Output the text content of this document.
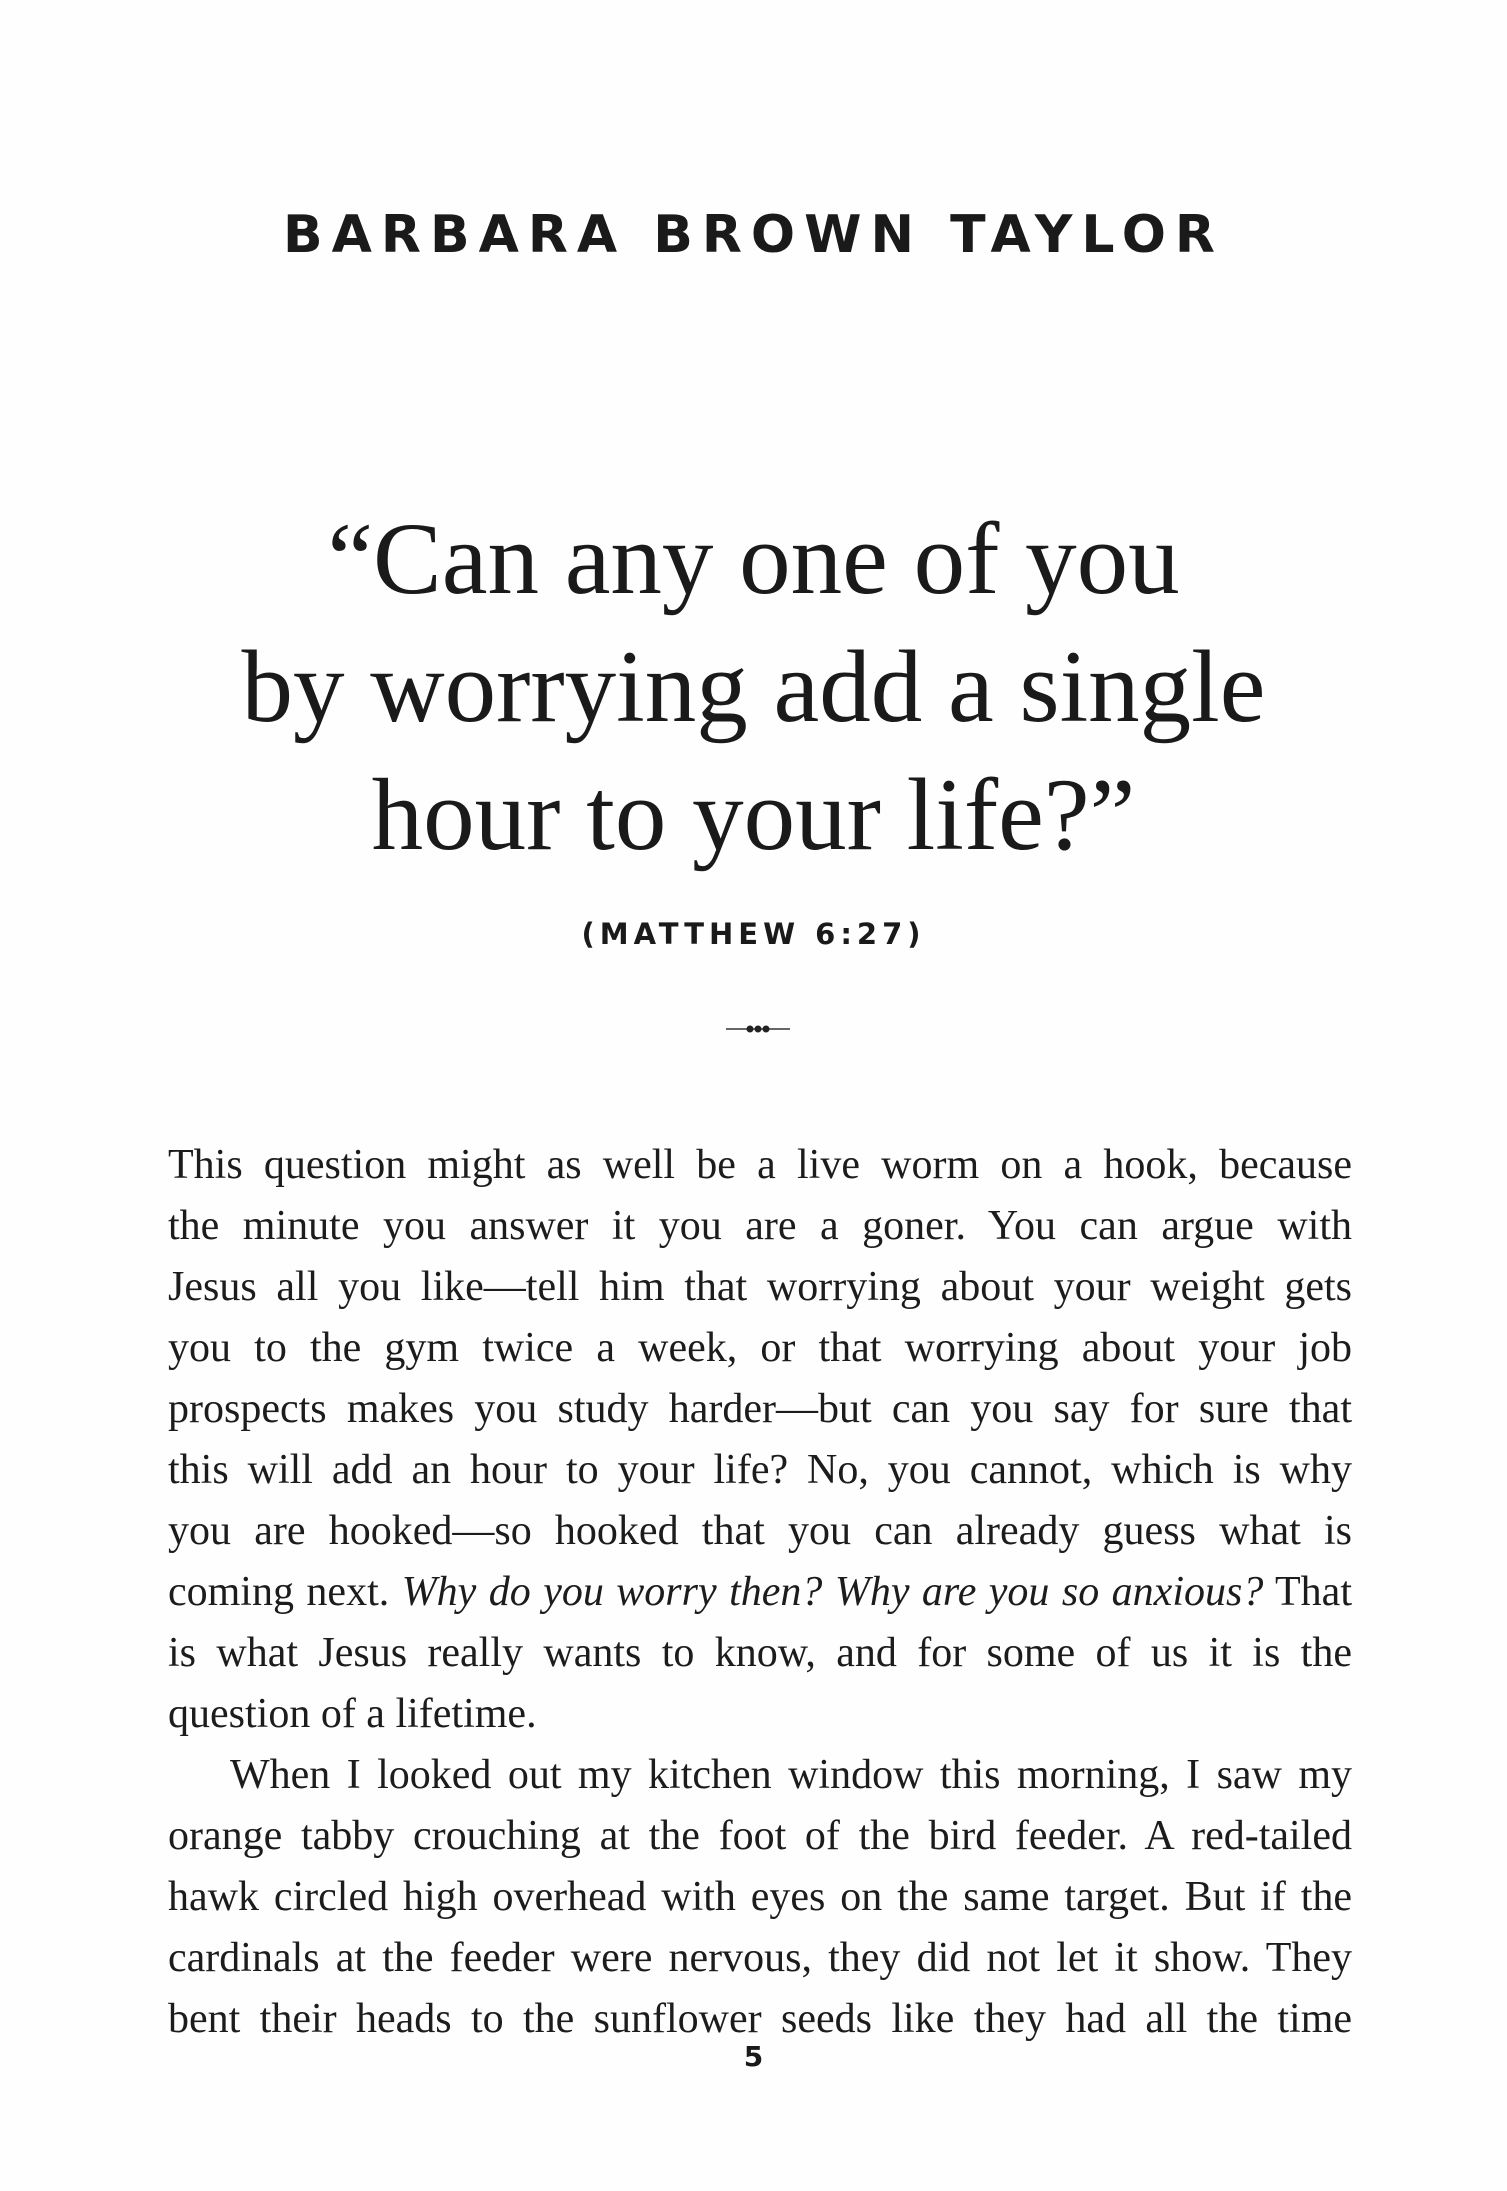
BARBARA BROWN TAYLOR
“Can any one of you
by worrying add a single
hour to your life?”
(MATTHEW 6:27)
This question might as well be a live worm on a hook, because
the minute you answer it you are a goner. You can argue with
Jesus all you like—tell him that worrying about your weight gets
you to the gym twice a week, or that worrying about your job
prospects makes you study harder—but can you say for sure that
this will add an hour to your life? No, you cannot, which is why
you are hooked—so hooked that you can already guess what is
coming next. Why do you worry then? Why are you so anxious? That
is what Jesus really wants to know, and for some of us it is the
question of a lifetime.
When I looked out my kitchen window this morning, I saw my
orange tabby crouching at the foot of the bird feeder. A red-tailed
hawk circled high overhead with eyes on the same target. But if the
cardinals at the feeder were nervous, they did not let it show. They
bent their heads to the sunflower seeds like they had all the time
5
